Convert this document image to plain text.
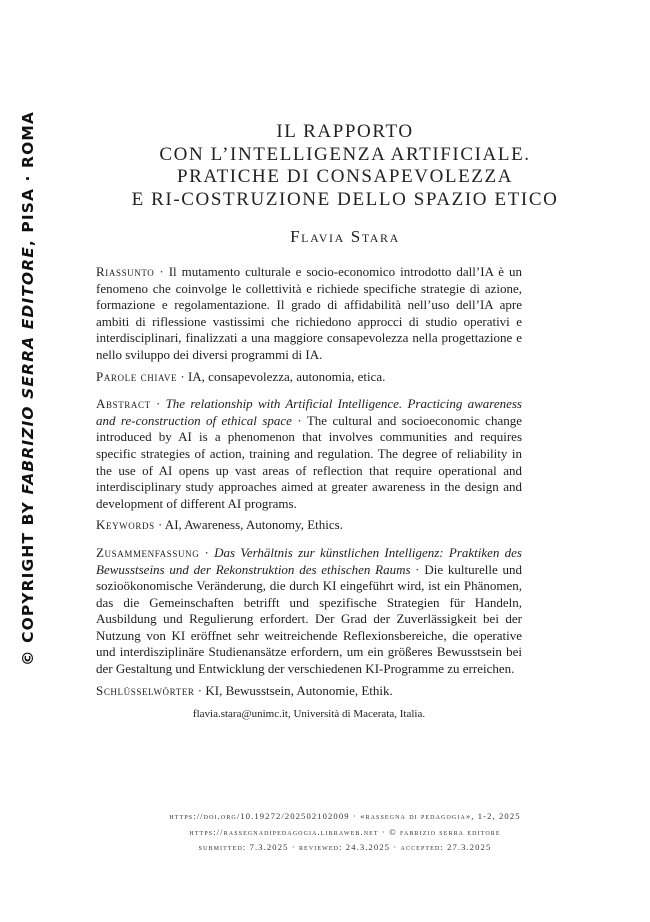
© COPYRIGHT BY FABRIZIO SERRA EDITORE, PISA · ROMA	IL RAPPORTO
CON L’INTELLIGENZA ARTIFICIALE.
PRATICHE DI CONSAPEVOLEZZA
E RI-COSTRUZIONE DELLO SPAZIO ETICO
Flavia Stara

Riassunto · Il mutamento culturale e socio-economico introdotto dall’IA è un fenomeno che coinvolge le collettività e richiede specifiche strategie di azione, formazione e regolamentazione. Il grado di affidabilità nell’uso dell’IA apre ambiti di riflessione vastissimi che richiedono approcci di studio operativi e interdisciplinari, finalizzati a una maggiore consapevolezza nella progettazione e nello sviluppo dei diversi programmi di IA.

Parole chiave · IA, consapevolezza, autonomia, etica.

Abstract · The relationship with Artificial Intelligence. Practicing awareness and re-construction of ethical space · The cultural and socioeconomic change introduced by AI is a phenomenon that involves communities and requires specific strategies of action, training and regulation. The degree of reliability in the use of AI opens up vast areas of reflection that require operational and interdisciplinary study approaches aimed at greater awareness in the design and development of different AI programs.

Keywords · AI, Awareness, Autonomy, Ethics.

Zusammenfassung · Das Verhältnis zur künstlichen Intelligenz: Praktiken des Bewusstseins und der Rekonstruktion des ethischen Raums · Die kulturelle und sozioökonomische Veränderung, die durch KI eingeführt wird, ist ein Phänomen, das die Gemeinschaften betrifft und spezifische Strategien für Handeln, Ausbildung und Regulierung erfordert. Der Grad der Zuverlässigkeit bei der Nutzung von KI eröffnet sehr weitreichende Reflexionsbereiche, die operative und interdisziplinäre Studienansätze erfordern, um ein größeres Bewusstsein bei der Gestaltung und Entwicklung der verschiedenen KI-Programme zu erreichen.

Schlüsselwörter · KI, Bewusstsein, Autonomie, Ethik.

flavia.stara@unimc.it, Università di Macerata, Italia.
https://doi.org/10.19272/202502102009 · «rassegna di pedagogia», 1-2, 2025
https://rassegnadipedagogia.libraweb.net · © fabrizio serra editore
submitted: 7.3.2025 · reviewed: 24.3.2025 · accepted: 27.3.2025
